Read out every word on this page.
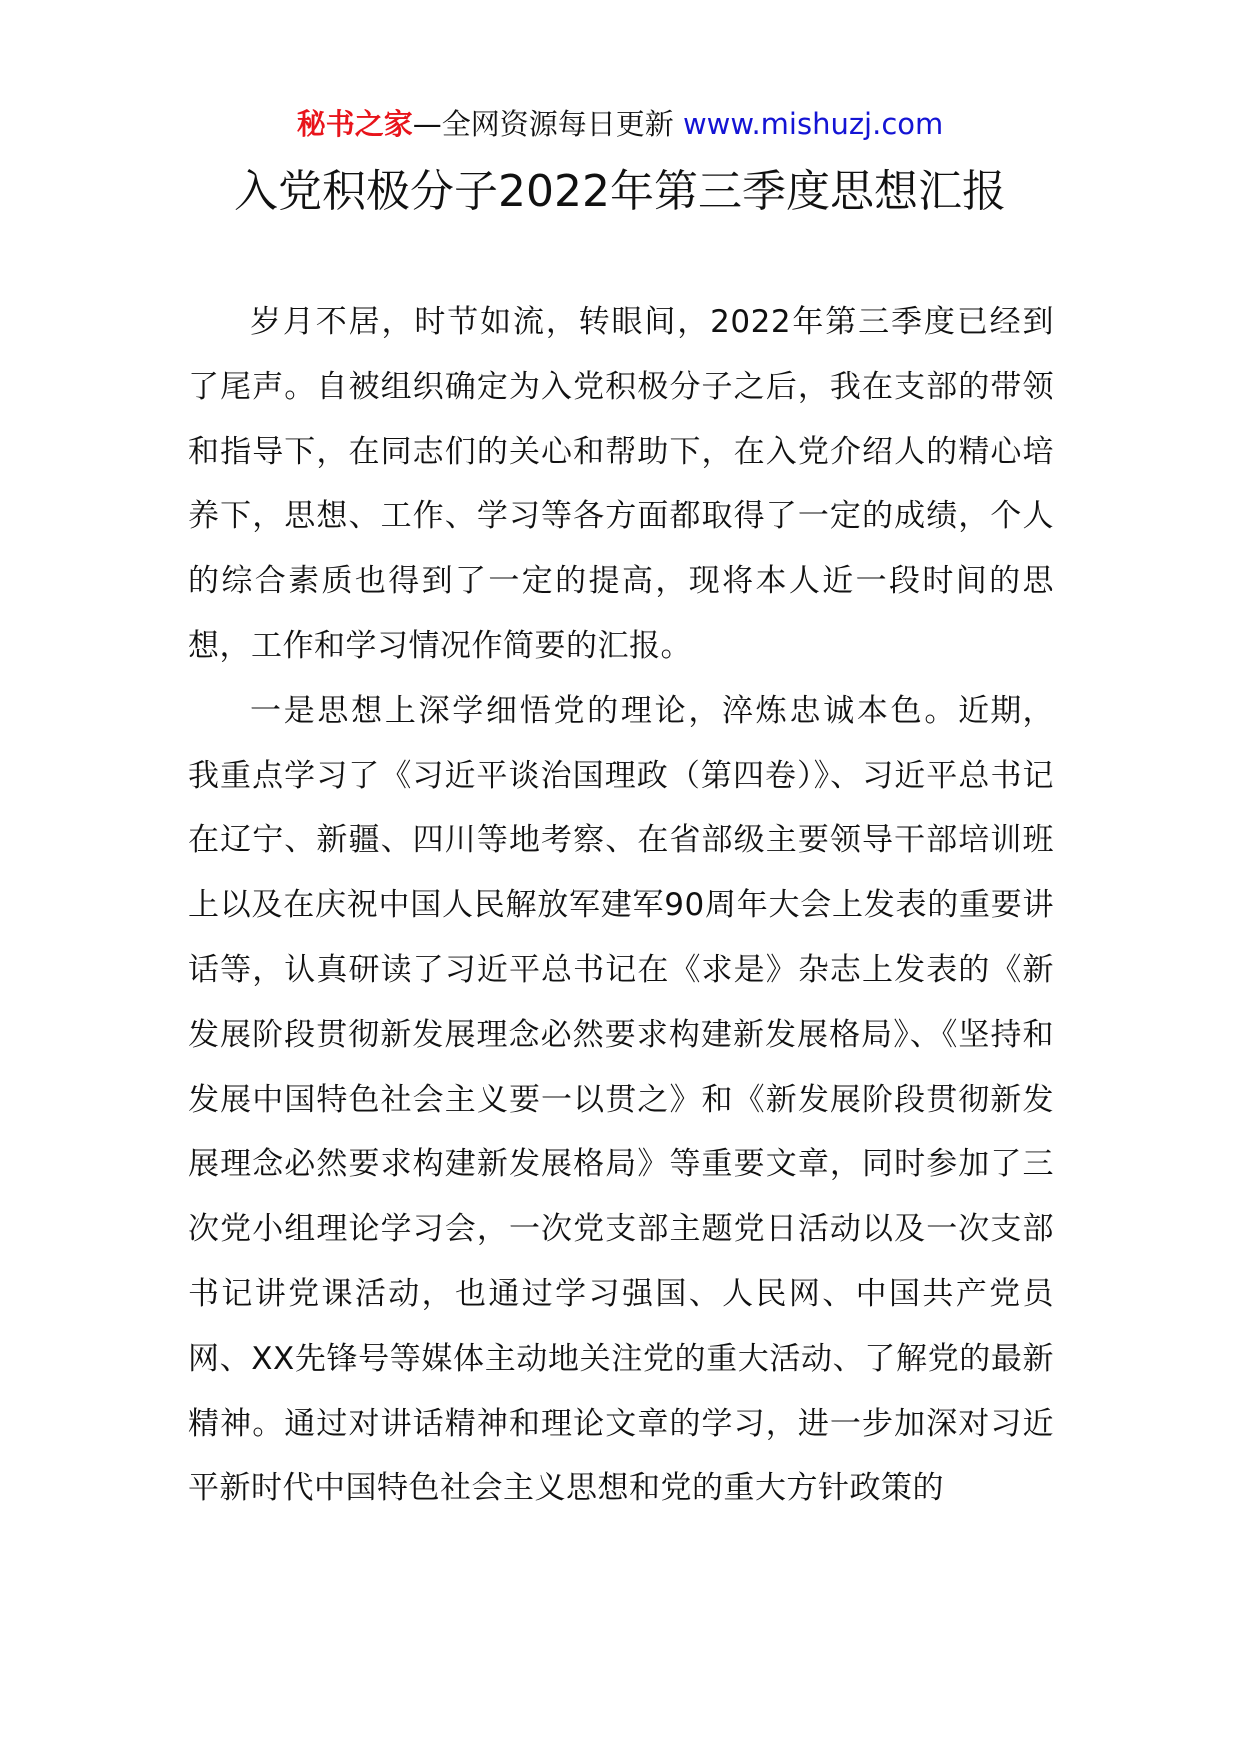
秘书之家—全网资源每日更新 www.mishuzj.com
入党积极分子2022年第三季度思想汇报

岁月不居，时节如流，转眼间，2022年第三季度已经到了尾声。自被组织确定为入党积极分子之后，我在支部的带领和指导下，在同志们的关心和帮助下，在入党介绍人的精心培养下，思想、工作、学习等各方面都取得了一定的成绩，个人的综合素质也得到了一定的提高，现将本人近一段时间的思想，工作和学习情况作简要的汇报。

一是思想上深学细悟党的理论，淬炼忠诚本色。近期，我重点学习了《习近平谈治国理政（第四卷）》、习近平总书记在辽宁、新疆、四川等地考察、在省部级主要领导干部培训班上以及在庆祝中国人民解放军建军90周年大会上发表的重要讲话等，认真研读了习近平总书记在《求是》杂志上发表的《新发展阶段贯彻新发展理念必然要求构建新发展格局》、《坚持和发展中国特色社会主义要一以贯之》和《新发展阶段贯彻新发展理念必然要求构建新发展格局》等重要文章，同时参加了三次党小组理论学习会，一次党支部主题党日活动以及一次支部书记讲党课活动，也通过学习强国、人民网、中国共产党员网、XX先锋号等媒体主动地关注党的重大活动、了解党的最新精神。通过对讲话精神和理论文章的学习，进一步加深对习近平新时代中国特色社会主义思想和党的重大方针政策的
